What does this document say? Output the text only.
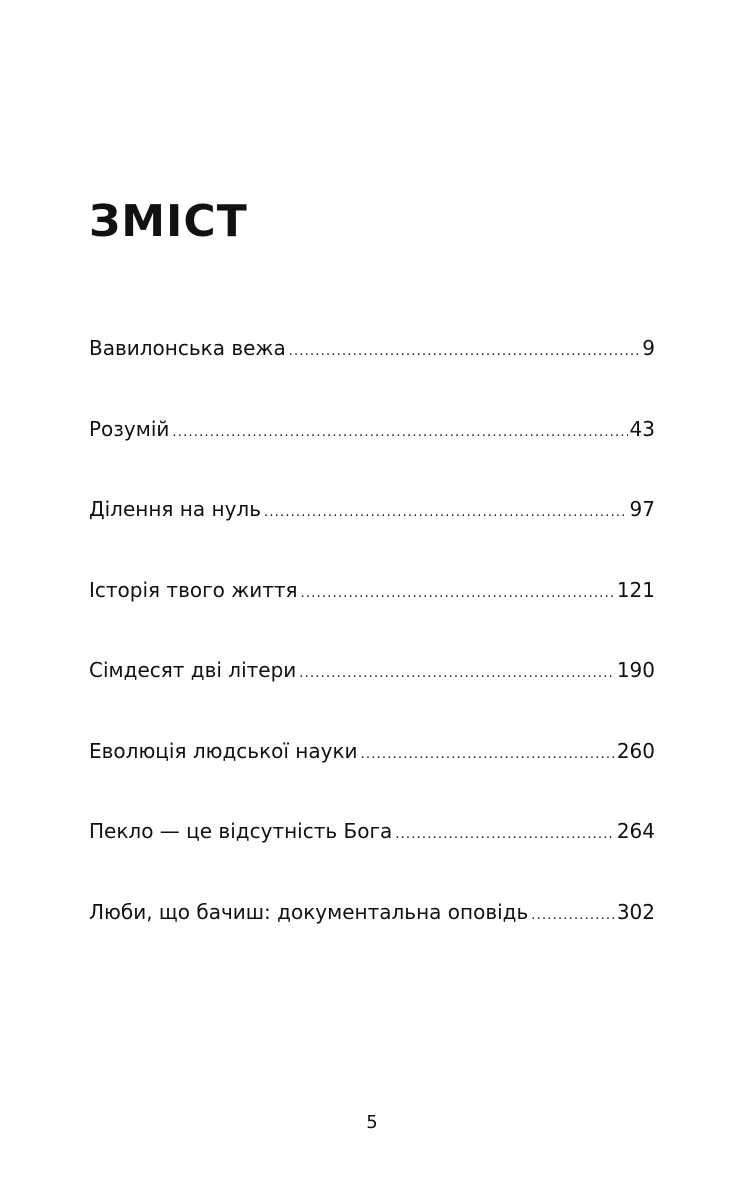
ЗМІСТ
Вавилонська вежа .....	9
Розумій .....	43
Ділення на нуль .....	97
Історія твого життя .....	121
Сімдесят дві літери .....	190
Еволюція людської науки .....	260
Пекло — це відсутність Бога .....	264
Люби, що бачиш: документальна оповідь .....	302
5
